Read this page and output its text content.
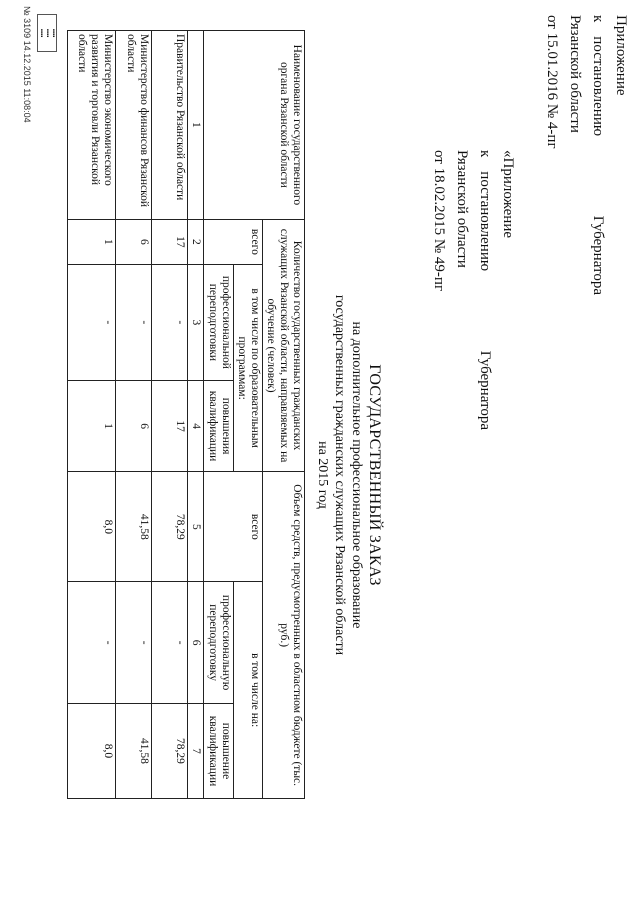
Приложение
к
постановлению
Губернатора
Рязанской области
от 15.01.2016 № 4-пг
«Приложение
к
постановлению
Губернатора
Рязанской области
от 18.02.2015 № 49-пг
ГОСУДАРСТВЕННЫЙ ЗАКАЗ
на дополнительное профессиональное образование
государственных гражданских служащих Рязанской области
на 2015 год
Наименование государственного органа Рязанской области	Количество государственных гражданских служащих Рязанской области, направляемых на обучение (человек)			Объем средств, предусмотренных в областном бюджете (тыс. руб.)		
	всего	в том числе по образовательным программам:		всего	в том числе на:	
		профессиональной переподготовки	повышения квалификации		профессиональную переподготовку	повышение квалификации
1	2	3	4	5	6	7
Правительство Рязанской области	17	-	17	78,29	-	78,29
Министерство финансов Рязанской области	6	-	6	41,58	-	41,58
Министерство экономического развития и торговли Рязанской области	1	-	1	8,0	-	8,0
▪▪▪▪
▪▪▪▪
▪▪▪▪
№ 3109 14.12.2015 11:08:04
